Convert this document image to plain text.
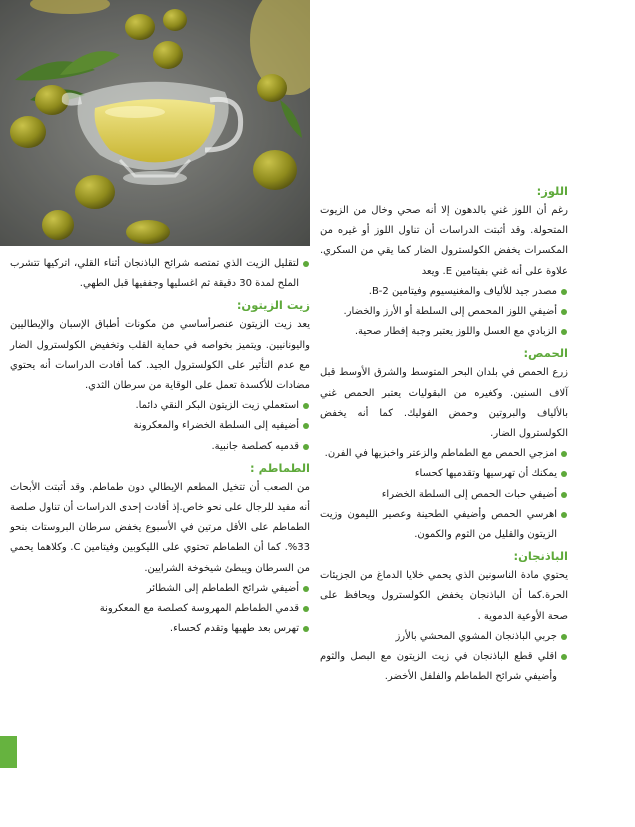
اللوز:

رغم أن اللوز غني بالدهون إلا أنه صحي وخال من الزيوت المتحولة. وقد أثبتت الدراسات أن تناول اللوز أو غيره من المكسرات يخفض الكولسترول الضار كما يقي من السكري. علاوة على أنه غني بفيتامين E. ويعد

مصدر جيد للألياف والمغنيسيوم وفيتامين B-2.
أضيفي اللوز المحمص إلى السلطة أو الأرز والخضار.
الزبادي مع العسل واللوز يعتبر وجبة إفطار صحية.
الحمص:

زرع الحمص في بلدان البحر المتوسط والشرق الأوسط قبل آلاف السنين. وكغيره من البقوليات يعتبر الحمص غني بالألياف والبروتين وحمض الفوليك. كما أنه يخفض الكولسترول الضار.

امزجي الحمص مع الطماطم والزعتر واخبزيها في الفرن.
يمكنك أن تهرسيها وتقدميها كحساء
أضيفي حبات الحمص إلى السلطة الخضراء
اهرسي الحمص وأضيفي الطحينة وعصير الليمون وزيت الزيتون والقليل من الثوم والكمون.
الباذنجان:

يحتوي مادة الناسونين الذي يحمي خلايا الدماغ من الجزيئات الحرة.كما أن الباذنجان يخفض الكولسترول ويحافظ على صحة الأوعية الدموية .

جربي الباذنجان المشوي المحشي بالأرز
اقلي قطع الباذنجان في زيت الزيتون مع البصل والثوم وأضيفي شرائح الطماطم والفلفل الأخضر.
لتقليل الزيت الذي تمتصه شرائح الباذنجان أثناء القلي، اتركيها تتشرب الملح لمدة 30 دقيقة ثم اغسليها وجففيها قبل الطهي.
زيت الزيتون:

يعد زيت الزيتون عنصرأساسي من مكونات أطباق الإسبان والإيطاليين واليونانيين. ويتميز بخواصه في حماية القلب وتخفيض الكولسترول الضار مع عدم التأثير على الكولسترول الجيد. كما أفادت الدراسات أنه يحتوي مضادات للأكسدة تعمل على الوقاية من سرطان الثدي.

استعملي زيت الزيتون البكر النقي دائما.
أضيفيه إلى السلطة الخضراء والمعكرونة
قدميه كصلصة جانبية.
الطماطم :

من الصعب أن تتخيل المطعم الإيطالي دون طماطم. وقد أثبتت الأبحاث أنه مفيد للرجال على نحو خاص.إذ أفادت إحدى الدراسات أن تناول صلصة الطماطم على الأقل مرتين في الأسبوع يخفض سرطان البروستات بنحو 33%. كما أن الطماطم تحتوي على الليكوبين وفيتامين C. وكلاهما يحمي من السرطان ويبطئ شيخوخة الشرايين.

أضيفي شرائح الطماطم إلى الشطائر
قدمي الطماطم المهروسة كصلصة مع المعكرونة
تهرس بعد طهيها وتقدم كحساء.
